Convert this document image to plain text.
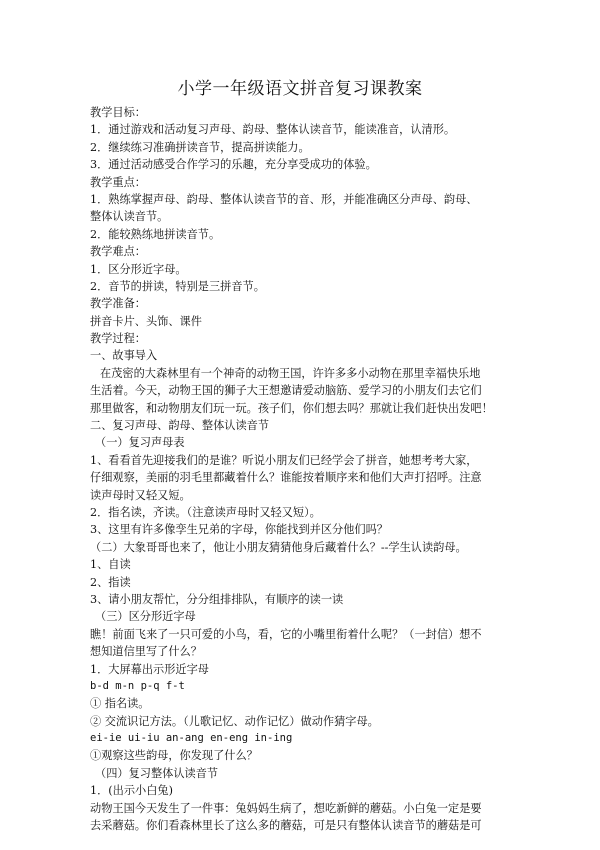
小学一年级语文拼音复习课教案
教学目标：
1．通过游戏和活动复习声母、韵母、整体认读音节，能读准音，认清形。
2．继续练习准确拼读音节，提高拼读能力。
3．通过活动感受合作学习的乐趣，充分享受成功的体验。
教学重点：
1．熟练掌握声母、韵母、整体认读音节的音、形，并能准确区分声母、韵母、
整体认读音节。
2．能较熟练地拼读音节。
教学难点：
1．区分形近字母。
2．音节的拼读，特别是三拼音节。
教学准备：
拼音卡片、头饰、课件
教学过程：
一、故事导入
在茂密的大森林里有一个神奇的动物王国，许许多多小动物在那里幸福快乐地
生活着。今天，动物王国的狮子大王想邀请爱动脑筋、爱学习的小朋友们去它们
那里做客，和动物朋友们玩一玩。孩子们，你们想去吗？那就让我们赶快出发吧！
二、复习声母、韵母、整体认读音节
（一）复习声母表
1、看看首先迎接我们的是谁？听说小朋友们已经学会了拼音，她想考考大家，
仔细观察，美丽的羽毛里都藏着什么？谁能按着顺序来和他们大声打招呼。注意
读声母时又轻又短。
2．指名读，齐读。（注意读声母时又轻又短）。
3、这里有许多像孪生兄弟的字母，你能找到并区分他们吗？
（二）大象哥哥也来了，他让小朋友猜猜他身后藏着什么？--学生认读韵母。
1、自读
2、指读
3、请小朋友帮忙，分分组排排队，有顺序的读一读
（三）区分形近字母
瞧！前面飞来了一只可爱的小鸟，看，它的小嘴里衔着什么呢？（一封信）想不
想知道信里写了什么？
1．大屏幕出示形近字母
b-d m-n p-q f-t
① 指名读。
② 交流识记方法。（儿歌记忆、动作记忆）做动作猜字母。
ei-ie ui-iu an-ang en-eng in-ing
①观察这些韵母，你发现了什么？
（四）复习整体认读音节
1．(出示小白兔)
动物王国今天发生了一件事：兔妈妈生病了，想吃新鲜的蘑菇。小白兔一定是要
去采蘑菇。你们看森林里长了这么多的蘑菇，可是只有整体认读音节的蘑菇是可
